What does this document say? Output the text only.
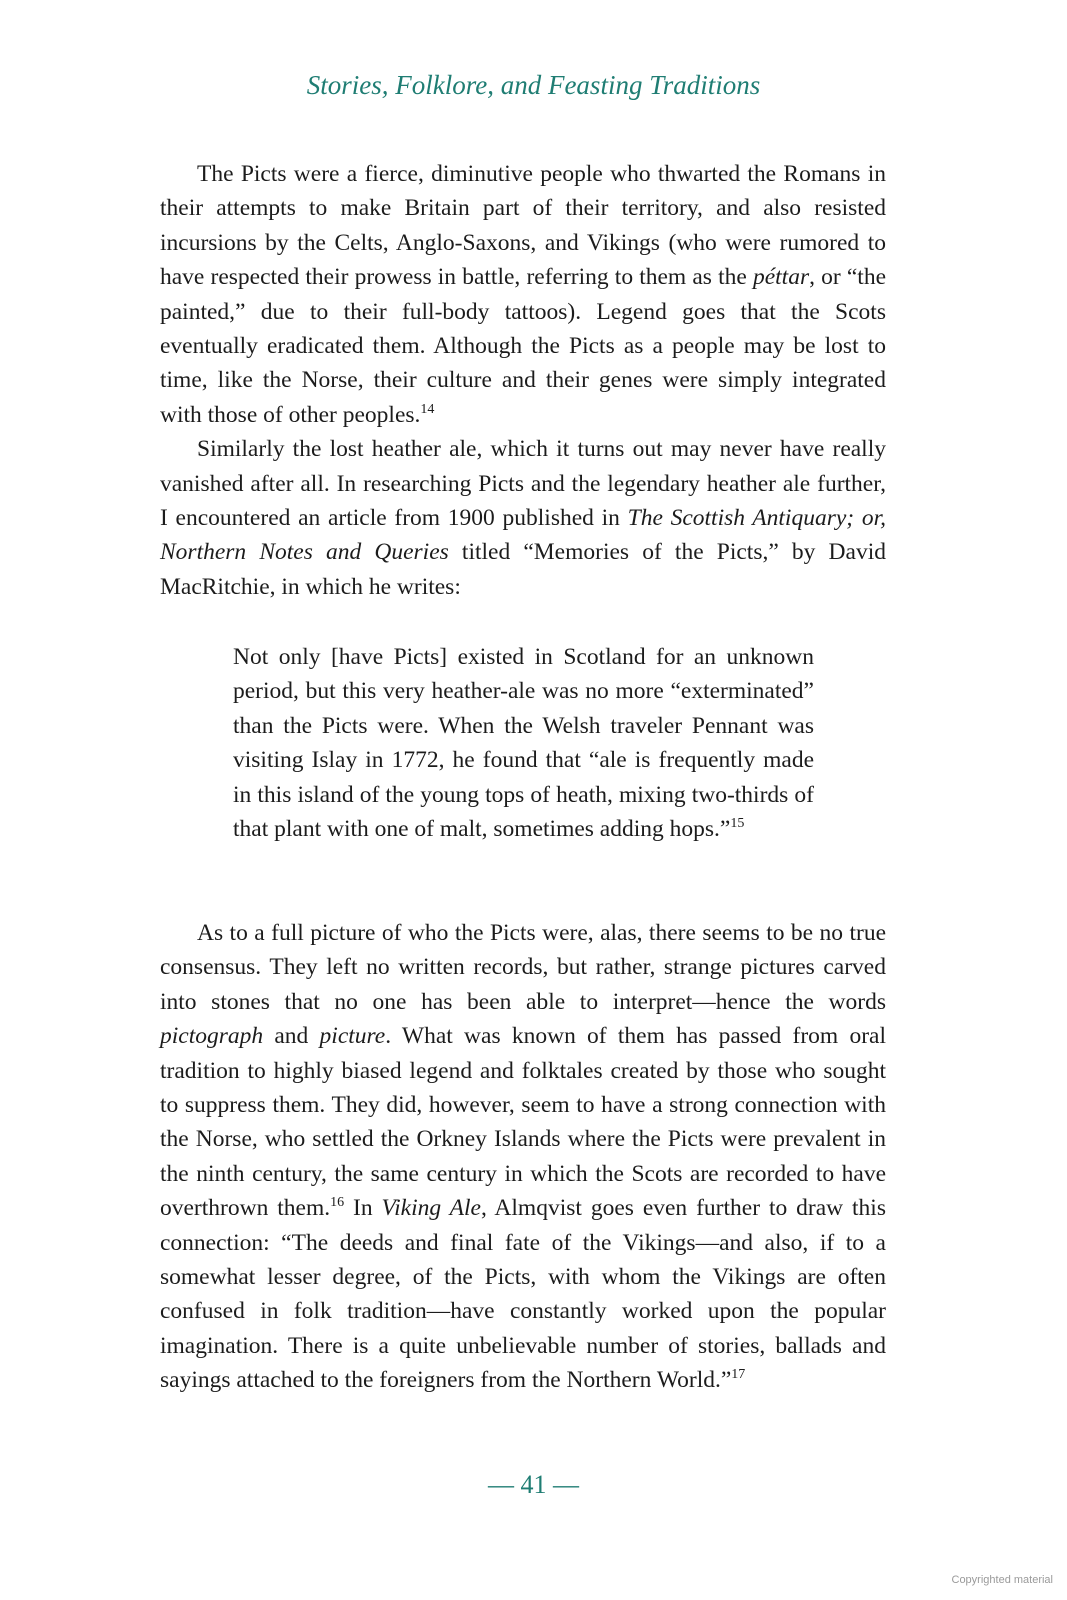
Stories, Folklore, and Feasting Traditions

The Picts were a fierce, diminutive people who thwarted the Romans in their attempts to make Britain part of their territory, and also resisted incursions by the Celts, Anglo-Saxons, and Vikings (who were rumored to have respected their prowess in battle, referring to them as the péttar, or “the painted,” due to their full-body tattoos). Legend goes that the Scots eventually eradicated them. Although the Picts as a people may be lost to time, like the Norse, their culture and their genes were simply integrated with those of other peoples.$^{14}$

Similarly the lost heather ale, which it turns out may never have really vanished after all. In researching Picts and the legendary heather ale further, I encountered an article from 1900 published in The Scottish Antiquary; or, Northern Notes and Queries titled “Memories of the Picts,” by David MacRitchie, in which he writes:

Not only [have Picts] existed in Scotland for an unknown period, but this very heather-ale was no more “exterminated” than the Picts were. When the Welsh traveler Pennant was visiting Islay in 1772, he found that “ale is frequently made in this island of the young tops of heath, mixing two-thirds of that plant with one of malt, sometimes adding hops.”$^{15}$

As to a full picture of who the Picts were, alas, there seems to be no true consensus. They left no written records, but rather, strange pictures carved into stones that no one has been able to interpret—hence the words pictograph and picture. What was known of them has passed from oral tradition to highly biased legend and folktales created by those who sought to suppress them. They did, however, seem to have a strong connection with the Norse, who settled the Orkney Islands where the Picts were prevalent in the ninth century, the same century in which the Scots are recorded to have overthrown them.$^{16}$ In Viking Ale, Almqvist goes even further to draw this connection: “The deeds and final fate of the Vikings—and also, if to a somewhat lesser degree, of the Picts, with whom the Vikings are often confused in folk tradition—have constantly worked upon the popular imagination. There is a quite unbelievable number of stories, ballads and sayings attached to the foreigners from the Northern World.”$^{17}$

— 41 —
Copyrighted material
